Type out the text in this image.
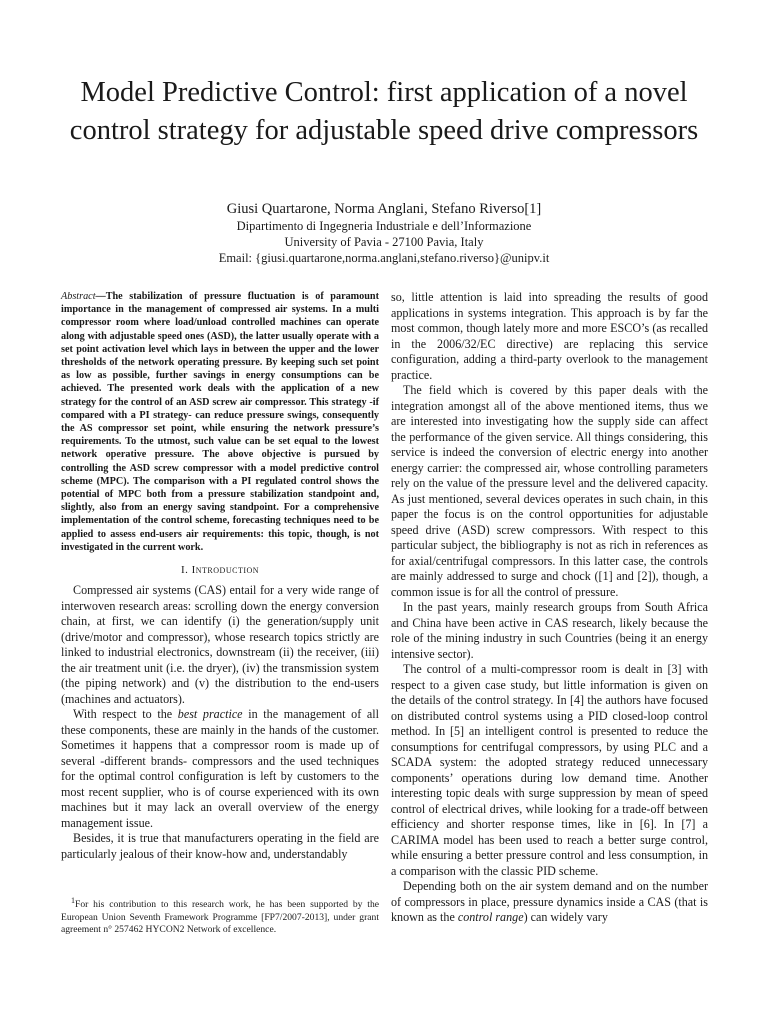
Model Predictive Control: first application of a novel control strategy for adjustable speed drive compressors
Giusi Quartarone, Norma Anglani, Stefano Riverso[1]
Dipartimento di Ingegneria Industriale e dell’Informazione
University of Pavia - 27100 Pavia, Italy
Email: {giusi.quartarone,norma.anglani,stefano.riverso}@unipv.it

Abstract—The stabilization of pressure fluctuation is of paramount importance in the management of compressed air systems. In a multi compressor room where load/unload controlled machines can operate along with adjustable speed ones (ASD), the latter usually operate with a set point activation level which lays in between the upper and the lower thresholds of the network operating pressure. By keeping such set point as low as possible, further savings in energy consumptions can be achieved. The presented work deals with the application of a new strategy for the control of an ASD screw air compressor. This strategy -if compared with a PI strategy- can reduce pressure swings, consequently the AS compressor set point, while ensuring the network pressure’s requirements. To the utmost, such value can be set equal to the lowest network operative pressure. The above objective is pursued by controlling the ASD screw compressor with a model predictive control scheme (MPC). The comparison with a PI regulated control shows the potential of MPC both from a pressure stabilization standpoint and, slightly, also from an energy saving standpoint. For a comprehensive implementation of the control scheme, forecasting techniques need to be applied to assess end-users air requirements: this topic, though, is not investigated in the current work.

I. Introduction

Compressed air systems (CAS) entail for a very wide range of interwoven research areas: scrolling down the energy conversion chain, at first, we can identify (i) the generation/supply unit (drive/motor and compressor), whose research topics strictly are linked to industrial electronics, downstream (ii) the receiver, (iii) the air treatment unit (i.e. the dryer), (iv) the transmission system (the piping network) and (v) the distribution to the end-users (machines and actuators).

With respect to the best practice in the management of all these components, these are mainly in the hands of the customer. Sometimes it happens that a compressor room is made up of several -different brands- compressors and the used techniques for the optimal control configuration is left by customers to the most recent supplier, who is of course experienced with its own machines but it may lack an overall overview of the energy management issue.

Besides, it is true that manufacturers operating in the field are particularly jealous of their know-how and, understandably

$^1$For his contribution to this research work, he has been supported by the European Union Seventh Framework Programme [FP7/2007-2013], under grant agreement n° 257462 HYCON2 Network of excellence.

so, little attention is laid into spreading the results of good applications in systems integration. This approach is by far the most common, though lately more and more ESCO’s (as recalled in the 2006/32/EC directive) are replacing this service configuration, adding a third-party overlook to the management practice.

The field which is covered by this paper deals with the integration amongst all of the above mentioned items, thus we are interested into investigating how the supply side can affect the performance of the given service. All things considering, this service is indeed the conversion of electric energy into another energy carrier: the compressed air, whose controlling parameters rely on the value of the pressure level and the delivered capacity. As just mentioned, several devices operates in such chain, in this paper the focus is on the control opportunities for adjustable speed drive (ASD) screw compressors. With respect to this particular subject, the bibliography is not as rich in references as for axial/centrifugal compressors. In this latter case, the controls are mainly addressed to surge and chock ([1] and [2]), though, a common issue is for all the control of pressure.

In the past years, mainly research groups from South Africa and China have been active in CAS research, likely because the role of the mining industry in such Countries (being it an energy intensive sector).

The control of a multi-compressor room is dealt in [3] with respect to a given case study, but little information is given on the details of the control strategy. In [4] the authors have focused on distributed control systems using a PID closed-loop control method. In [5] an intelligent control is presented to reduce the consumptions for centrifugal compressors, by using PLC and a SCADA system: the adopted strategy reduced unnecessary components’ operations during low demand time. Another interesting topic deals with surge suppression by mean of speed control of electrical drives, while looking for a trade-off between efficiency and shorter response times, like in [6]. In [7] a CARIMA model has been used to reach a better surge control, while ensuring a better pressure control and less consumption, in a comparison with the classic PID scheme.

Depending both on the air system demand and on the number of compressors in place, pressure dynamics inside a CAS (that is known as the control range) can widely vary
